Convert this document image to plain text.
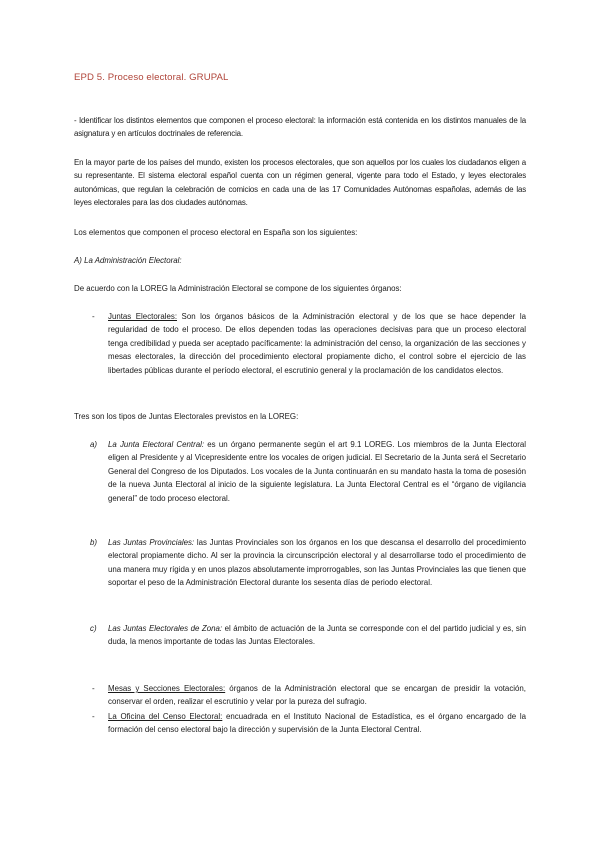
EPD 5. Proceso electoral. GRUPAL
- Identificar los distintos elementos que componen el proceso electoral: la información está contenida en los distintos manuales de la asignatura y en artículos doctrinales de referencia.
En la mayor parte de los países del mundo, existen los procesos electorales, que son aquellos por los cuales los ciudadanos eligen a su representante. El sistema electoral español cuenta con un régimen general, vigente para todo el Estado, y leyes electorales autonómicas, que regulan la celebración de comicios en cada una de las 17 Comunidades Autónomas españolas, además de las leyes electorales para las dos ciudades autónomas.
Los elementos que componen el proceso electoral en España son los siguientes:
A) La Administración Electoral:
De acuerdo con la LOREG la Administración Electoral se compone de los siguientes órganos:
- Juntas Electorales: Son los órganos básicos de la Administración electoral y de los que se hace depender la regularidad de todo el proceso. De ellos dependen todas las operaciones decisivas para que un proceso electoral tenga credibilidad y pueda ser aceptado pacíficamente: la administración del censo, la organización de las secciones y mesas electorales, la dirección del procedimiento electoral propiamente dicho, el control sobre el ejercicio de las libertades públicas durante el período electoral, el escrutinio general y la proclamación de los candidatos electos.
Tres son los tipos de Juntas Electorales previstos en la LOREG:
a) La Junta Electoral Central: es un órgano permanente según el art 9.1 LOREG. Los miembros de la Junta Electoral eligen al Presidente y al Vicepresidente entre los vocales de origen judicial. El Secretario de la Junta será el Secretario General del Congreso de los Diputados. Los vocales de la Junta continuarán en su mandato hasta la toma de posesión de la nueva Junta Electoral al inicio de la siguiente legislatura. La Junta Electoral Central es el “órgano de vigilancia general” de todo proceso electoral.
b) Las Juntas Provinciales: las Juntas Provinciales son los órganos en los que descansa el desarrollo del procedimiento electoral propiamente dicho. Al ser la provincia la circunscripción electoral y al desarrollarse todo el procedimiento de una manera muy rígida y en unos plazos absolutamente improrrogables, son las Juntas Provinciales las que tienen que soportar el peso de la Administración Electoral durante los sesenta días de periodo electoral.
c) Las Juntas Electorales de Zona: el ámbito de actuación de la Junta se corresponde con el del partido judicial y es, sin duda, la menos importante de todas las Juntas Electorales.
- Mesas y Secciones Electorales: órganos de la Administración electoral que se encargan de presidir la votación, conservar el orden, realizar el escrutinio y velar por la pureza del sufragio.
- La Oficina del Censo Electoral: encuadrada en el Instituto Nacional de Estadística, es el órgano encargado de la formación del censo electoral bajo la dirección y supervisión de la Junta Electoral Central.
